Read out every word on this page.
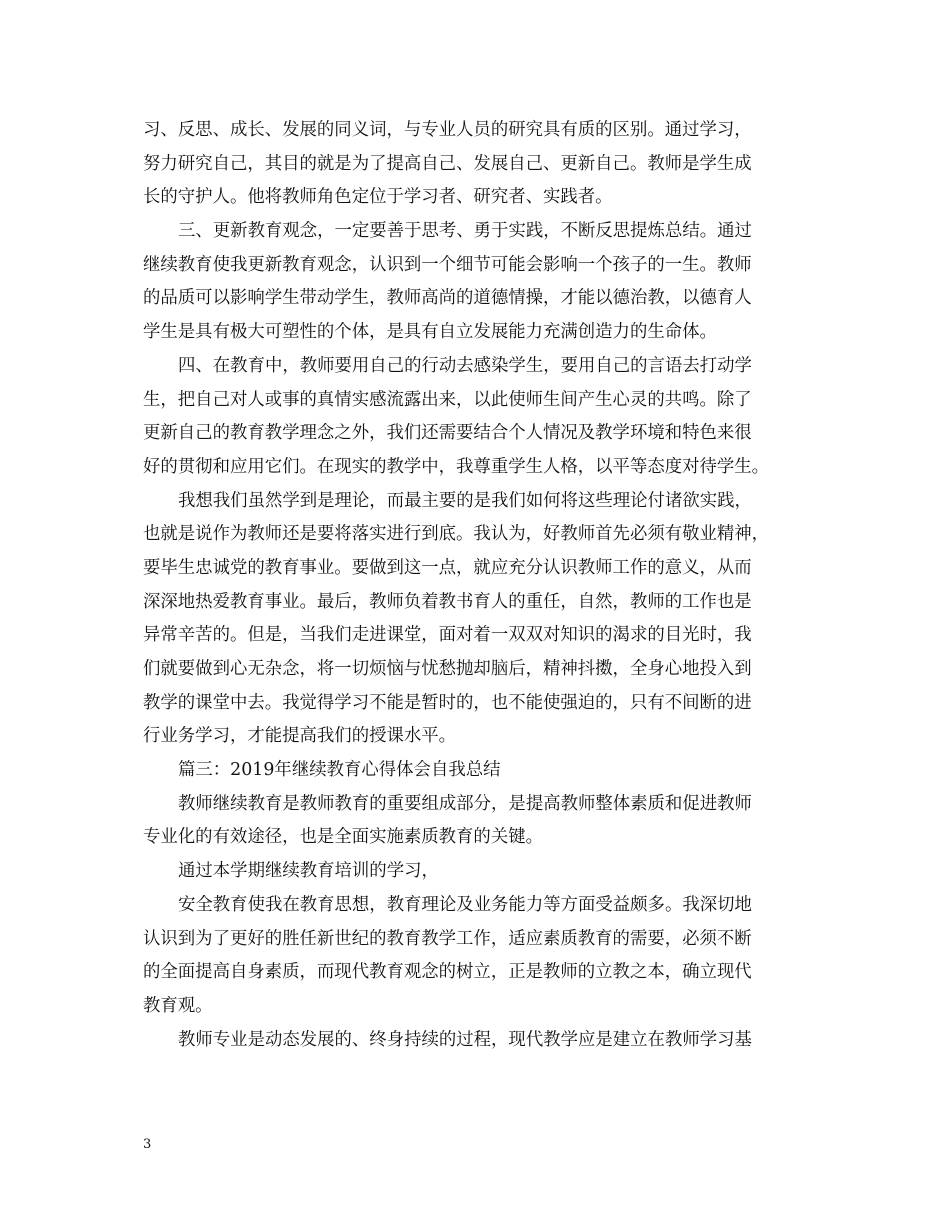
习、反思、成长、发展的同义词，与专业人员的研究具有质的区别。通过学习，
努力研究自己，其目的就是为了提高自己、发展自己、更新自己。教师是学生成
长的守护人。他将教师角色定位于学习者、研究者、实践者。
三、更新教育观念，一定要善于思考、勇于实践，不断反思提炼总结。通过
继续教育使我更新教育观念，认识到一个细节可能会影响一个孩子的一生。教师
的品质可以影响学生带动学生，教师高尚的道德情操，才能以德治教，以德育人
学生是具有极大可塑性的个体，是具有自立发展能力充满创造力的生命体。
四、在教育中，教师要用自己的行动去感染学生，要用自己的言语去打动学
生，把自己对人或事的真情实感流露出来，以此使师生间产生心灵的共鸣。除了
更新自己的教育教学理念之外，我们还需要结合个人情况及教学环境和特色来很
好的贯彻和应用它们。在现实的教学中，我尊重学生人格，以平等态度对待学生。
我想我们虽然学到是理论，而最主要的是我们如何将这些理论付诸欲实践，
也就是说作为教师还是要将落实进行到底。我认为，好教师首先必须有敬业精神，
要毕生忠诚党的教育事业。要做到这一点，就应充分认识教师工作的意义，从而
深深地热爱教育事业。最后，教师负着教书育人的重任，自然，教师的工作也是
异常辛苦的。但是，当我们走进课堂，面对着一双双对知识的渴求的目光时，我
们就要做到心无杂念，将一切烦恼与忧愁抛却脑后，精神抖擞，全身心地投入到
教学的课堂中去。我觉得学习不能是暂时的，也不能使强迫的，只有不间断的进
行业务学习，才能提高我们的授课水平。
篇三：2019年继续教育心得体会自我总结
教师继续教育是教师教育的重要组成部分，是提高教师整体素质和促进教师
专业化的有效途径，也是全面实施素质教育的关键。
通过本学期继续教育培训的学习，
安全教育使我在教育思想，教育理论及业务能力等方面受益颇多。我深切地
认识到为了更好的胜任新世纪的教育教学工作，适应素质教育的需要，必须不断
的全面提高自身素质，而现代教育观念的树立，正是教师的立教之本，确立现代
教育观。
教师专业是动态发展的、终身持续的过程，现代教学应是建立在教师学习基
3
